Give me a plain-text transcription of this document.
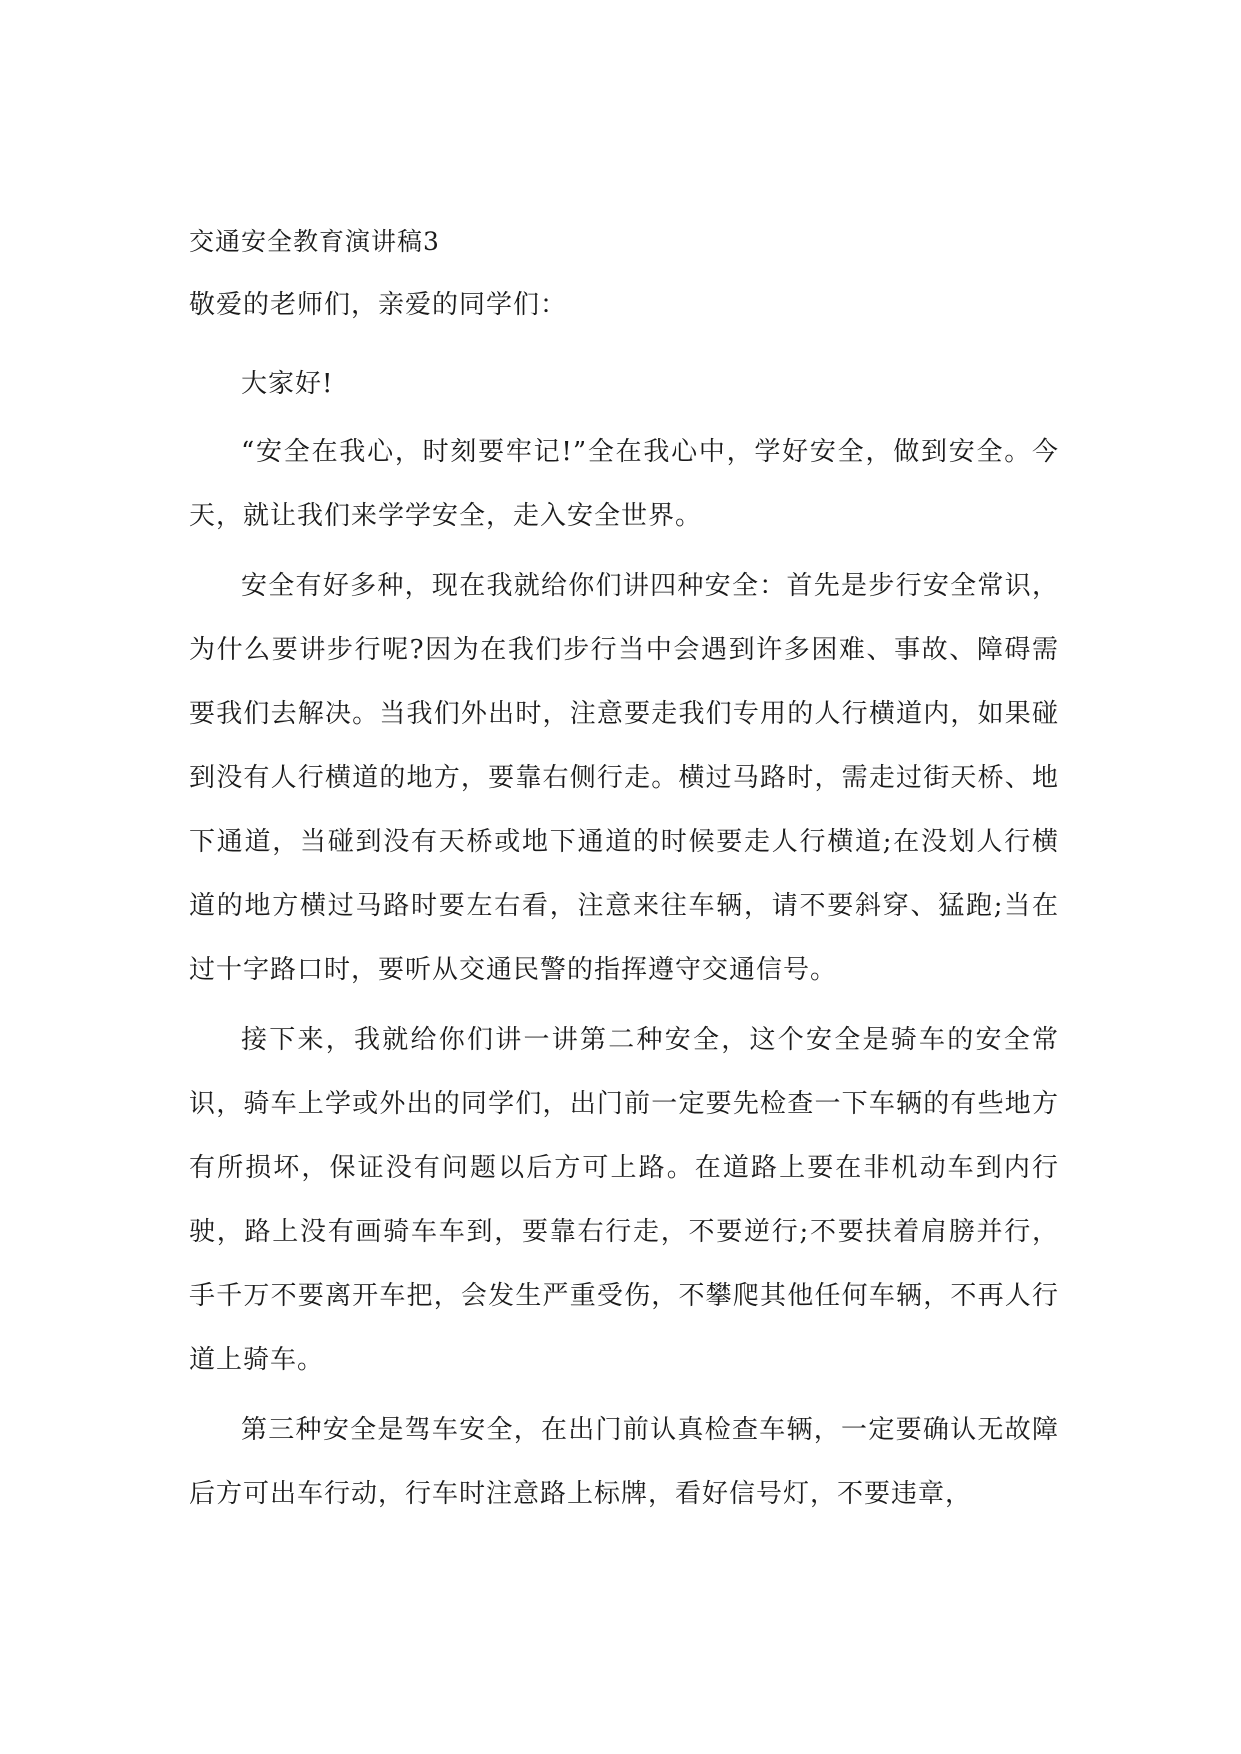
交通安全教育演讲稿3
敬爱的老师们，亲爱的同学们：

大家好!

“安全在我心，时刻要牢记!”全在我心中，学好安全，做到安全。今天，就让我们来学学安全，走入安全世界。

安全有好多种，现在我就给你们讲四种安全：首先是步行安全常识，为什么要讲步行呢?因为在我们步行当中会遇到许多困难、事故、障碍需要我们去解决。当我们外出时，注意要走我们专用的人行横道内，如果碰到没有人行横道的地方，要靠右侧行走。横过马路时，需走过街天桥、地下通道，当碰到没有天桥或地下通道的时候要走人行横道;在没划人行横道的地方横过马路时要左右看，注意来往车辆，请不要斜穿、猛跑;当在过十字路口时，要听从交通民警的指挥遵守交通信号。

接下来，我就给你们讲一讲第二种安全，这个安全是骑车的安全常识，骑车上学或外出的同学们，出门前一定要先检查一下车辆的有些地方有所损坏，保证没有问题以后方可上路。在道路上要在非机动车到内行驶，路上没有画骑车车到，要靠右行走，不要逆行;不要扶着肩膀并行，手千万不要离开车把，会发生严重受伤，不攀爬其他任何车辆，不再人行道上骑车。

第三种安全是驾车安全，在出门前认真检查车辆，一定要确认无故障后方可出车行动，行车时注意路上标牌，看好信号灯，不要违章，
